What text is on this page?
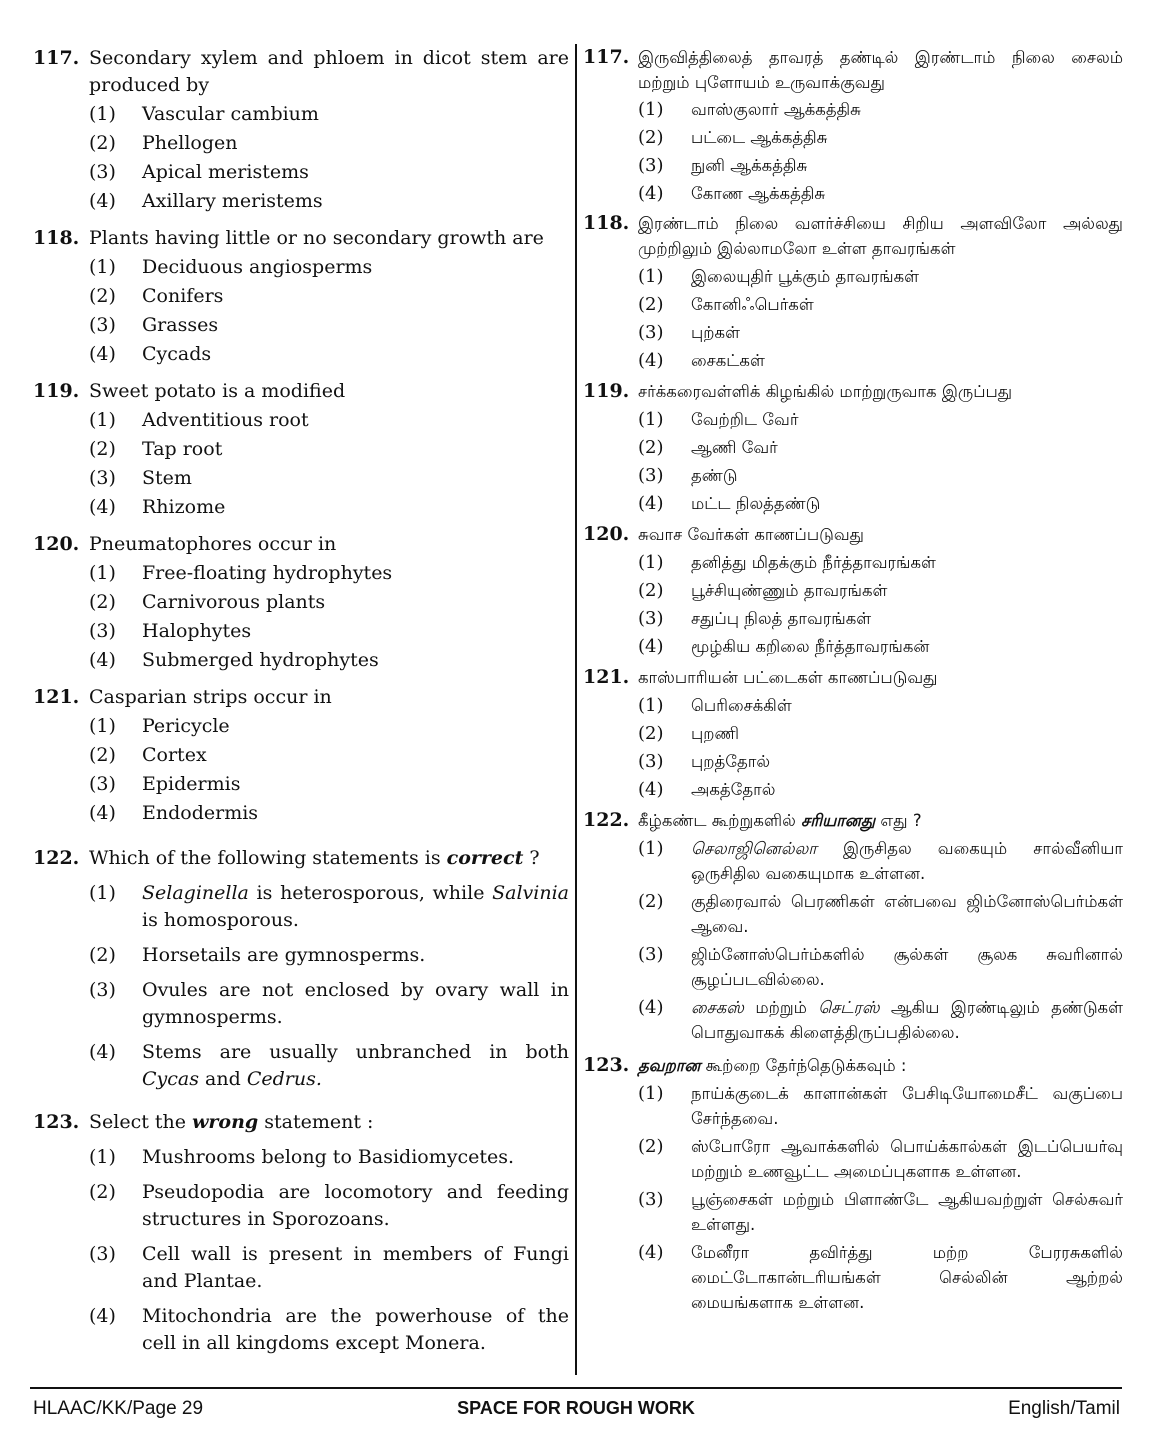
117. Secondary xylem and phloem in dicot stem are produced by
(1)	Vascular cambium
(2)	Phellogen
(3)	Apical meristems
(4)	Axillary meristems
118. Plants having little or no secondary growth are
(1)	Deciduous angiosperms
(2)	Conifers
(3)	Grasses
(4)	Cycads
119. Sweet potato is a modified
(1)	Adventitious root
(2)	Tap root
(3)	Stem
(4)	Rhizome
120. Pneumatophores occur in
(1)	Free-floating hydrophytes
(2)	Carnivorous plants
(3)	Halophytes
(4)	Submerged hydrophytes
121. Casparian strips occur in
(1)	Pericycle
(2)	Cortex
(3)	Epidermis
(4)	Endodermis
122. Which of the following statements is correct ?
(1)	Selaginella is heterosporous, while Salvinia is homosporous.
(2)	Horsetails are gymnosperms.
(3)	Ovules are not enclosed by ovary wall in gymnosperms.
(4)	Stems are usually unbranched in both Cycas and Cedrus.
123. Select the wrong statement :
(1)	Mushrooms belong to Basidiomycetes.
(2)	Pseudopodia are locomotory and feeding structures in Sporozoans.
(3)	Cell wall is present in members of Fungi and Plantae.
(4)	Mitochondria are the powerhouse of the cell in all kingdoms except Monera.
117. இருவித்திலைத் தாவரத் தண்டில் இரண்டாம் நிலை சைலம் மற்றும் புளோயம் உருவாக்குவது
(1)	வாஸ்குலார் ஆக்கத்திசு
(2)	பட்டை ஆக்கத்திசு
(3)	நுனி ஆக்கத்திசு
(4)	கோண ஆக்கத்திசு
118. இரண்டாம் நிலை வளர்ச்சியை சிறிய அளவிலோ அல்லது முற்றிலும் இல்லாமலோ உள்ள தாவரங்கள்
(1)	இலையுதிர் பூக்கும் தாவரங்கள்
(2)	கோனிஃபெர்கள்
(3)	புற்கள்
(4)	சைகட்கள்
119. சர்க்கரைவள்ளிக் கிழங்கில் மாற்றுருவாக இருப்பது
(1)	வேற்றிட வேர்
(2)	ஆணி வேர்
(3)	தண்டு
(4)	மட்ட நிலத்தண்டு
120. சுவாச வேர்கள் காணப்படுவது
(1)	தனித்து மிதக்கும் நீர்த்தாவரங்கள்
(2)	பூச்சியுண்ணும் தாவரங்கள்
(3)	சதுப்பு நிலத் தாவரங்கள்
(4)	மூழ்கிய கறிலை நீர்த்தாவரங்கன்
121. காஸ்பாரியன் பட்டைகள் காணப்படுவது
(1)	பெரிசைக்கிள்
(2)	புறணி
(3)	புறத்தோல்
(4)	அகத்தோல்
122. கீழ்கண்ட கூற்றுகளில் சரியானது எது ?
(1)	செலாஜினெல்லா இருசிதல வகையும் சால்வீனியா ஒருசிதில வகையுமாக உள்ளன.
(2)	குதிரைவால் பெரணிகள் என்பவை ஜிம்னோஸ்பெர்ம்கள் ஆவை.
(3)	ஜிம்னோஸ்பெர்ம்களில் சூல்கள் சூலக சுவரினால் சூழப்படவில்லை.
(4)	சைகஸ் மற்றும் செட்ரஸ் ஆகிய இரண்டிலும் தண்டுகள் பொதுவாகக் கிளைத்திருப்பதில்லை.
123. தவறான கூற்றை தேர்ந்தெடுக்கவும் :
(1)	நாய்க்குடைக் காளான்கள் பேசிடியோமைசீட் வகுப்பை சேர்ந்தவை.
(2)	ஸ்போரோ ஆவாக்களில் பொய்க்கால்கள் இடப்பெயர்வு மற்றும் உணவூட்ட அமைப்புகளாக உள்ளன.
(3)	பூஞ்சைகள் மற்றும் பிளாண்டே ஆகியவற்றுள் செல்சுவர் உள்ளது.
(4)	மேனீரா தவிர்த்து மற்ற பேரரசுகளில் மைட்டோகான்டரியங்கள் செல்லின் ஆற்றல் மையங்களாக உள்ளன.
HLAAC/KK/Page 29	SPACE FOR ROUGH WORK	English/Tamil
